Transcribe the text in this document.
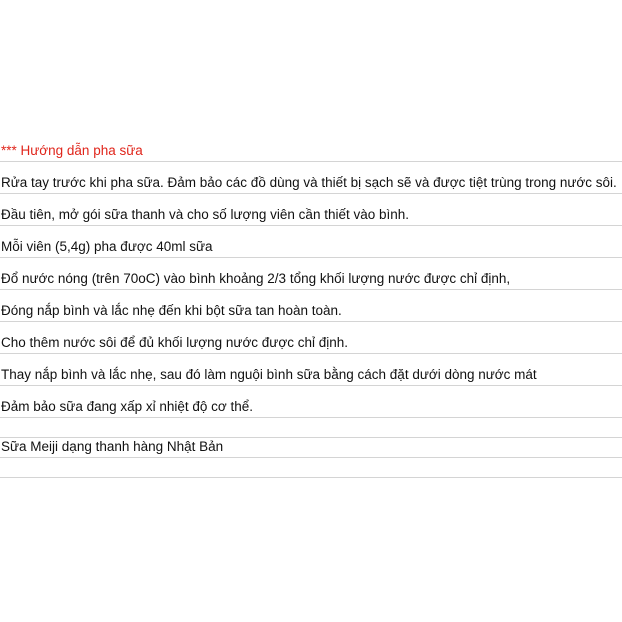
*** Hướng dẫn pha sữa
Rửa tay trước khi pha sữa. Đảm bảo các đồ dùng và thiết bị sạch sẽ và được tiệt trùng trong nước sôi.
Đầu tiên, mở gói sữa thanh và cho số lượng viên cần thiết vào bình.
Mỗi viên (5,4g) pha được 40ml sữa
Đổ nước nóng (trên 70oC) vào bình khoảng 2/3 tổng khối lượng nước được chỉ định,
Đóng nắp bình và lắc nhẹ đến khi bột sữa tan hoàn toàn.
Cho thêm nước sôi để đủ khối lượng nước được chỉ định.
Thay nắp bình và lắc nhẹ, sau đó làm nguội bình sữa bằng cách đặt dưới dòng nước mát
Đảm bảo sữa đang xấp xỉ nhiệt độ cơ thể.
Sữa Meiji dạng thanh hàng Nhật Bản
